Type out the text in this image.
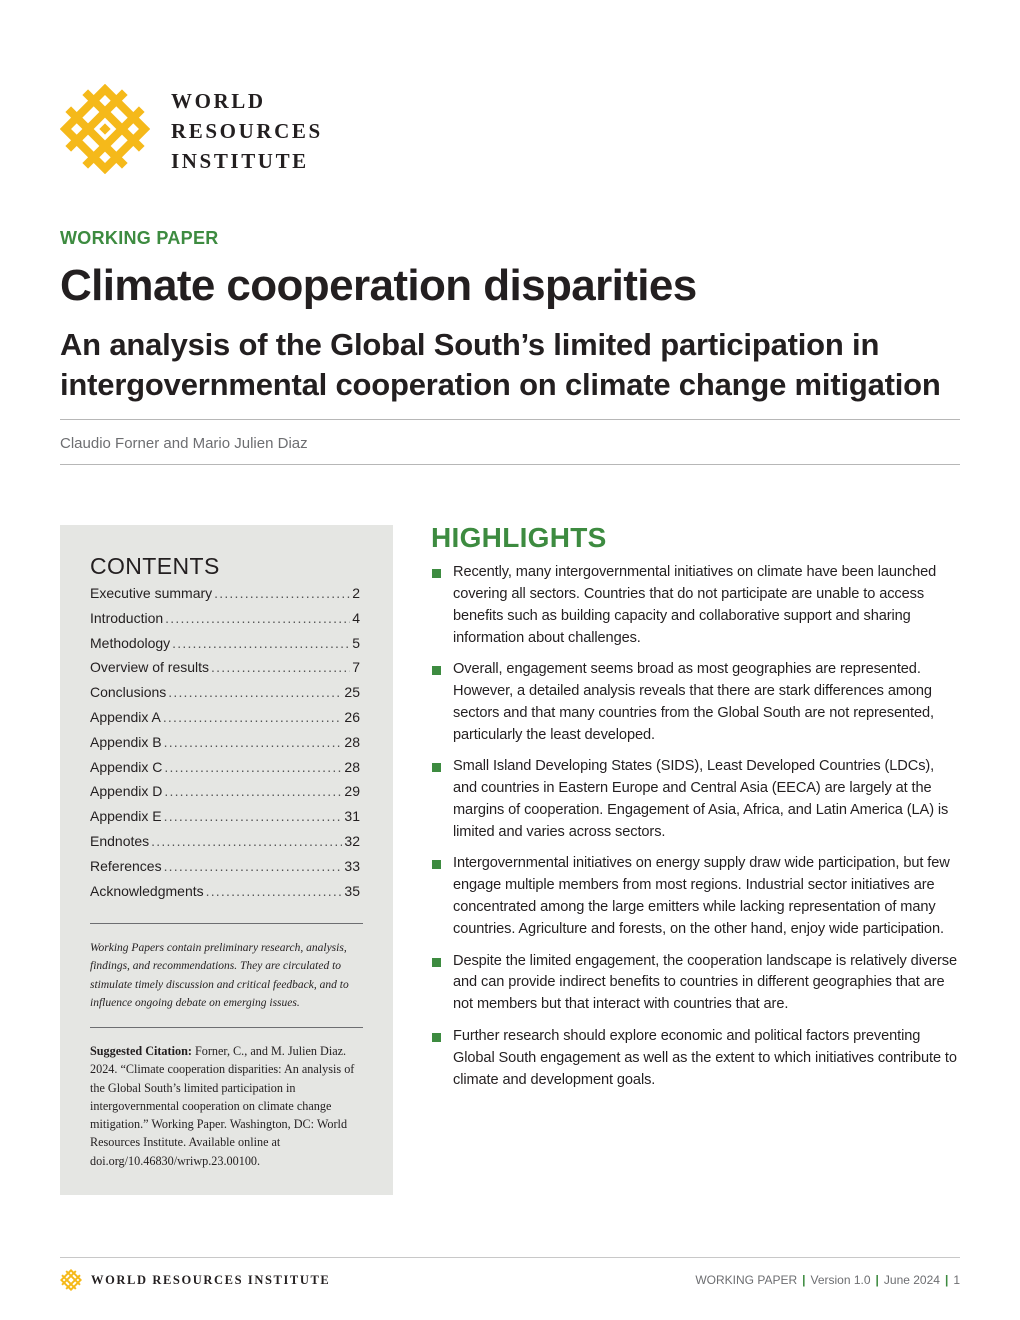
WORLD
RESOURCES
INSTITUTE
WORKING PAPER
Climate cooperation disparities
An analysis of the Global South’s limited participation in intergovernmental cooperation on climate change mitigation
Claudio Forner and Mario Julien Diaz
CONTENTS
Executive summary .....	2
Introduction .....	4
Methodology .....	5
Overview of results .....	7
Conclusions .....	25
Appendix A .....	26
Appendix B .....	28
Appendix C .....	28
Appendix D .....	29
Appendix E .....	31
Endnotes .....	32
References .....	33
Acknowledgments .....	35

Working Papers contain preliminary research, analysis, findings, and recommendations. They are circulated to stimulate timely discussion and critical feedback, and to influence ongoing debate on emerging issues.

Suggested Citation: Forner, C., and M. Julien Diaz. 2024. “Climate cooperation disparities: An analysis of the Global South’s limited participation in intergovernmental cooperation on climate change mitigation.” Working Paper. Washington, DC: World Resources Institute. Available online at doi.org/10.46830/wriwp.23.00100.

HIGHLIGHTS
Recently, many intergovernmental initiatives on climate have been launched covering all sectors. Countries that do not participate are unable to access benefits such as building capacity and collaborative support and sharing information about challenges.
Overall, engagement seems broad as most geographies are represented. However, a detailed analysis reveals that there are stark differences among sectors and that many countries from the Global South are not represented, particularly the least developed.
Small Island Developing States (SIDS), Least Developed Countries (LDCs), and countries in Eastern Europe and Central Asia (EECA) are largely at the margins of cooperation. Engagement of Asia, Africa, and Latin America (LA) is limited and varies across sectors.
Intergovernmental initiatives on energy supply draw wide participation, but few engage multiple members from most regions. Industrial sector initiatives are concentrated among the large emitters while lacking representation of many countries. Agriculture and forests, on the other hand, enjoy wide participation.
Despite the limited engagement, the cooperation landscape is relatively diverse and can provide indirect benefits to countries in different geographies that are not members but that interact with countries that are.
Further research should explore economic and political factors preventing Global South engagement as well as the extent to which initiatives contribute to climate and development goals.
WORLD RESOURCES INSTITUTE	WORKING PAPER | Version 1.0 | June 2024 | 1
